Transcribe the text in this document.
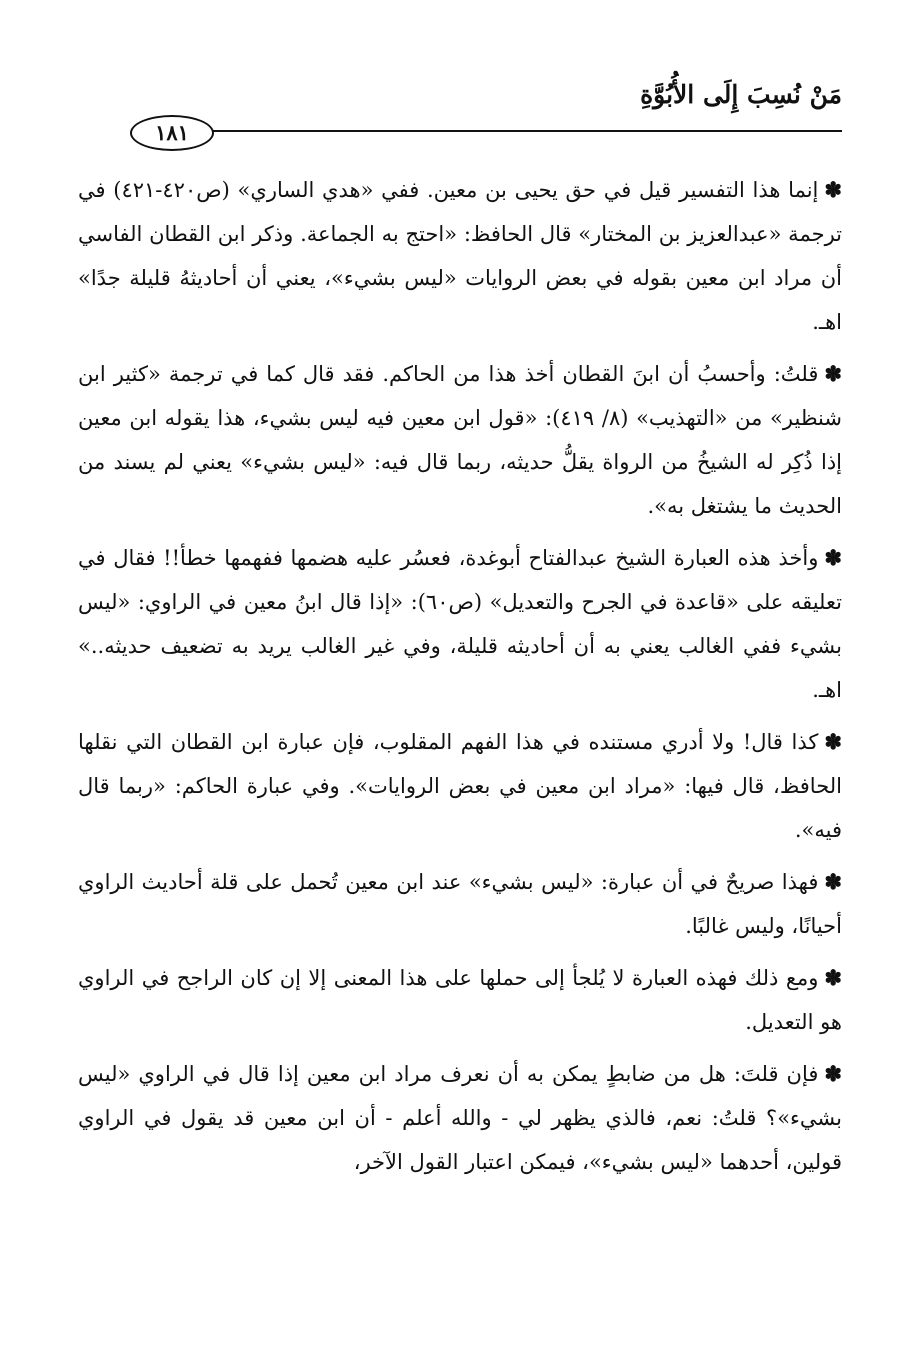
مَنْ نُسِبَ إِلَى الأُبُوَّةِ
١٨١

✽إنما هذا التفسير قيل في حق يحيى بن معين. ففي «هدي الساري» (ص٤٢٠-٤٢١) في ترجمة «عبدالعزيز بن المختار» قال الحافظ: «احتج به الجماعة. وذكر ابن القطان الفاسي أن مراد ابن معين بقوله في بعض الروايات «ليس بشيء»، يعني أن أحاديثهُ قليلة جدًا» اهـ.

✽قلتُ: وأحسبُ أن ابنَ القطان أخذ هذا من الحاكم. فقد قال كما في ترجمة «كثير ابن شنظير» من «التهذيب» (٨/ ٤١٩): «قول ابن معين فيه ليس بشيء، هذا يقوله ابن معين إذا ذُكِر له الشيخُ من الرواة يقلُّ حديثه، ربما قال فيه: «ليس بشيء» يعني لم يسند من الحديث ما يشتغل به».

✽وأخذ هذه العبارة الشيخ عبدالفتاح أبوغدة، فعسُر عليه هضمها ففهمها خطأ!! فقال في تعليقه على «قاعدة في الجرح والتعديل» (ص٦٠): «إذا قال ابنُ معين في الراوي: «ليس بشيء ففي الغالب يعني به أن أحاديثه قليلة، وفي غير الغالب يريد به تضعيف حديثه..» اهـ.

✽كذا قال! ولا أدري مستنده في هذا الفهم المقلوب، فإن عبارة ابن القطان التي نقلها الحافظ، قال فيها: «مراد ابن معين في بعض الروايات». وفي عبارة الحاكم: «ربما قال فيه».

✽فهذا صريحٌ في أن عبارة: «ليس بشيء» عند ابن معين تُحمل على قلة أحاديث الراوي أحيانًا، وليس غالبًا.

✽ومع ذلك فهذه العبارة لا يُلجأ إلى حملها على هذا المعنى إلا إن كان الراجح في الراوي هو التعديل.

✽فإن قلتَ: هل من ضابطٍ يمكن به أن نعرف مراد ابن معين إذا قال في الراوي «ليس بشيء»؟ قلتُ: نعم، فالذي يظهر لي - والله أعلم - أن ابن معين قد يقول في الراوي قولين، أحدهما «ليس بشيء»، فيمكن اعتبار القول الآخر،
